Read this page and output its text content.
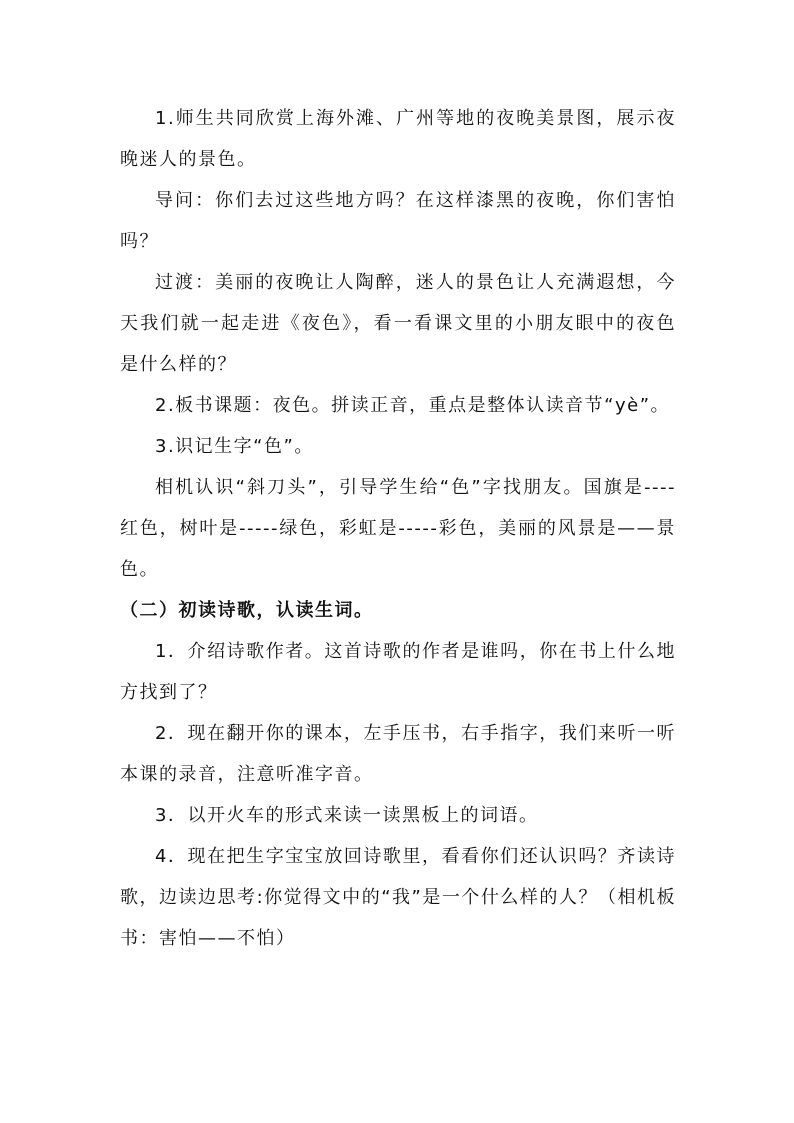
1.师生共同欣赏上海外滩、广州等地的夜晚美景图，展示夜晚迷人的景色。

导问：你们去过这些地方吗？在这样漆黑的夜晚，你们害怕吗？

过渡：美丽的夜晚让人陶醉，迷人的景色让人充满遐想，今天我们就一起走进《夜色》，看一看课文里的小朋友眼中的夜色是什么样的？

2.板书课题：夜色。拼读正音，重点是整体认读音节“yè”。

3.识记生字“色”。

相机认识“斜刀头”，引导学生给“色”字找朋友。国旗是----红色，树叶是-----绿色，彩虹是-----彩色，美丽的风景是——景色。

（二）初读诗歌，认读生词。

1．介绍诗歌作者。这首诗歌的作者是谁吗，你在书上什么地方找到了？

2．现在翻开你的课本，左手压书，右手指字，我们来听一听本课的录音，注意听准字音。

3．以开火车的形式来读一读黑板上的词语。

4．现在把生字宝宝放回诗歌里，看看你们还认识吗？齐读诗歌，边读边思考:你觉得文中的“我”是一个什么样的人？（相机板书：害怕——不怕）
